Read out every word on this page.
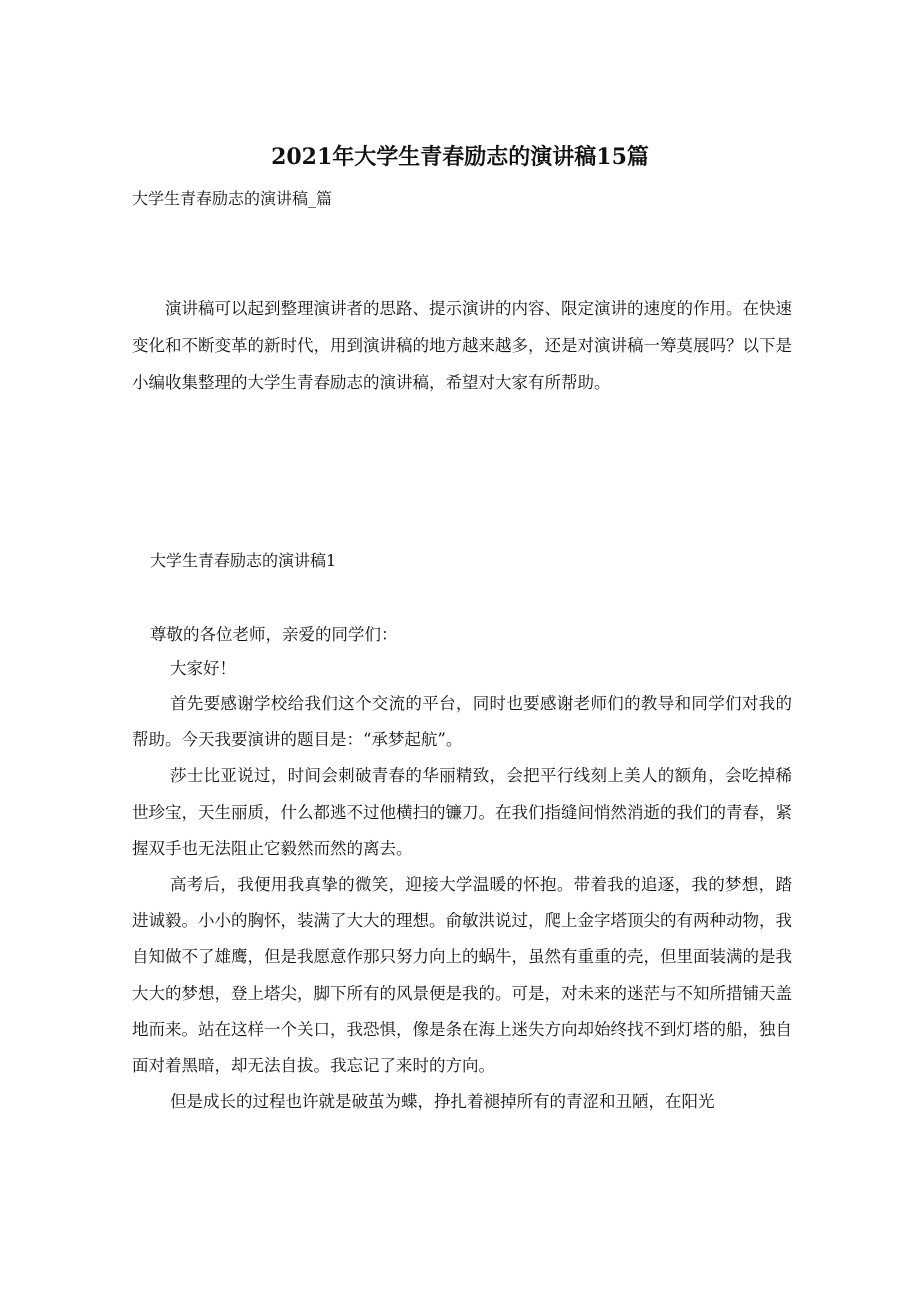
2021年大学生青春励志的演讲稿15篇
大学生青春励志的演讲稿_篇

演讲稿可以起到整理演讲者的思路、提示演讲的内容、限定演讲的速度的作用。在快速变化和不断变革的新时代，用到演讲稿的地方越来越多，还是对演讲稿一筹莫展吗？以下是小编收集整理的大学生青春励志的演讲稿，希望对大家有所帮助。

大学生青春励志的演讲稿1

尊敬的各位老师，亲爱的同学们：

大家好！

首先要感谢学校给我们这个交流的平台，同时也要感谢老师们的教导和同学们对我的帮助。今天我要演讲的题目是：“承梦起航”。

莎士比亚说过，时间会刺破青春的华丽精致，会把平行线刻上美人的额角，会吃掉稀世珍宝，天生丽质，什么都逃不过他横扫的镰刀。在我们指缝间悄然消逝的我们的青春，紧握双手也无法阻止它毅然而然的离去。

高考后，我便用我真挚的微笑，迎接大学温暖的怀抱。带着我的追逐，我的梦想，踏进诚毅。小小的胸怀，装满了大大的理想。俞敏洪说过，爬上金字塔顶尖的有两种动物，我自知做不了雄鹰，但是我愿意作那只努力向上的蜗牛，虽然有重重的壳，但里面装满的是我大大的梦想，登上塔尖，脚下所有的风景便是我的。可是，对未来的迷茫与不知所措铺天盖地而来。站在这样一个关口，我恐惧，像是条在海上迷失方向却始终找不到灯塔的船，独自面对着黑暗，却无法自拔。我忘记了来时的方向。

但是成长的过程也许就是破茧为蝶，挣扎着褪掉所有的青涩和丑陋，在阳光
